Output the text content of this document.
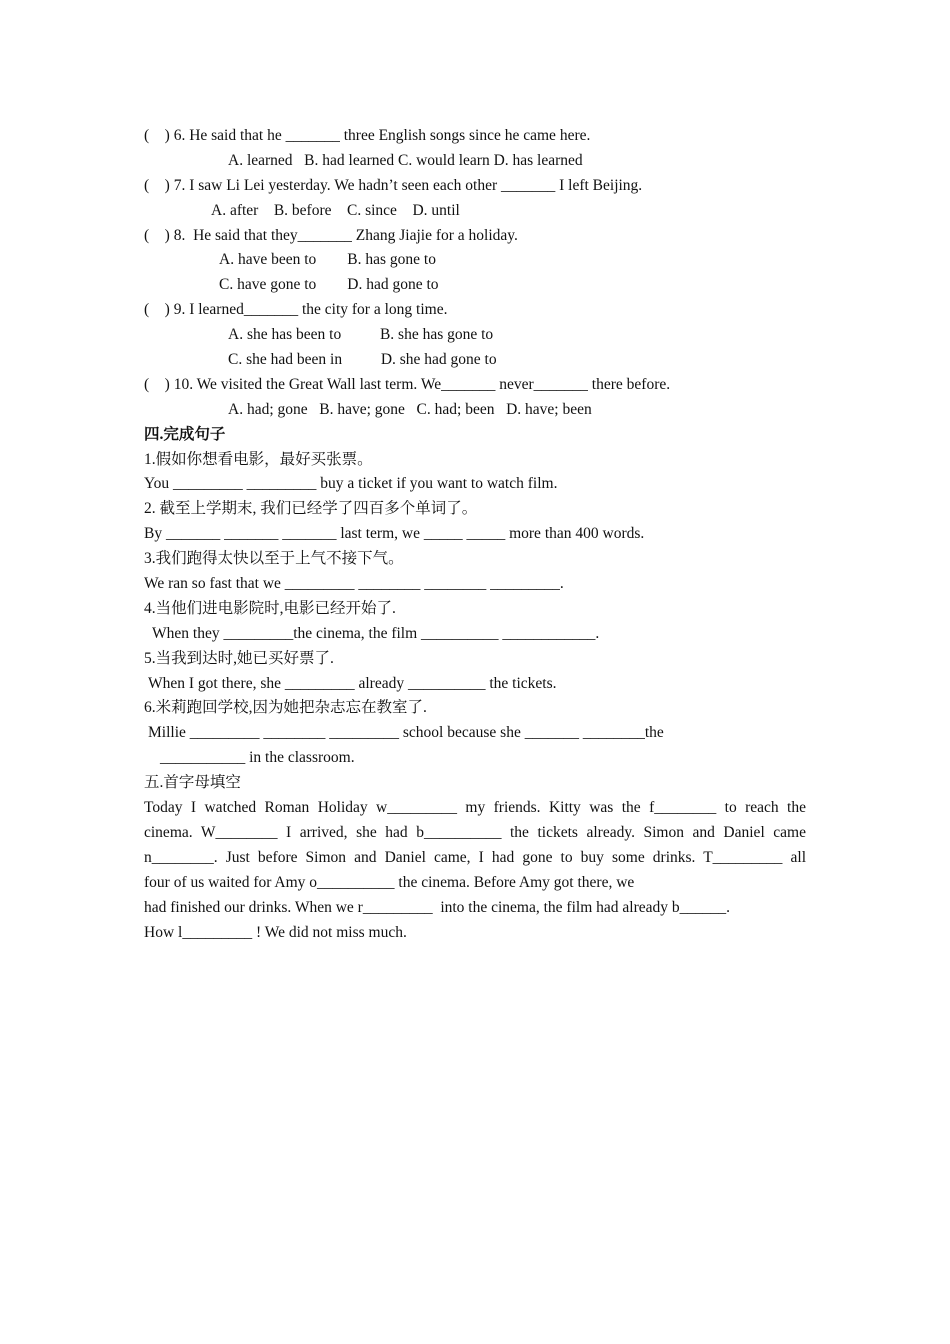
(    ) 6. He said that he _______ three English songs since he came here.
A. learned   B. had learned C. would learn D. has learned
(    ) 7. I saw Li Lei yesterday. We hadn’t seen each other _______ I left Beijing.
A. after    B. before    C. since    D. until
(    ) 8.  He said that they_______ Zhang Jiajie for a holiday.
A. have been to        B. has gone to
C. have gone to        D. had gone to
(    ) 9. I learned_______ the city for a long time.
A. she has been to          B. she has gone to
C. she had been in          D. she had gone to
(    ) 10. We visited the Great Wall last term. We_______ never_______ there before.
A. had; gone   B. have; gone   C. had; been   D. have; been
四.完成句子
1.假如你想看电影，最好买张票。
You _________ _________ buy a ticket if you want to watch film.
2. 截至上学期末, 我们已经学了四百多个单词了。
By _______ _______ _______ last term, we _____ _____ more than 400 words.
3.我们跑得太快以至于上气不接下气。
We ran so fast that we _________ ________ ________ _________.
4.当他们进电影院时,电影已经开始了.
When they _________the cinema, the film __________ ____________.
5.当我到达时,她已买好票了.
When I got there, she _________ already __________ the tickets.
6.米莉跑回学校,因为她把杂志忘在教室了.
Millie _________ ________ _________ school because she _______ ________the
___________ in the classroom.
五.首字母填空
Today I watched Roman Holiday w_________ my friends. Kitty was the f________ to reach the
cinema. W________ I arrived, she had b__________ the tickets already. Simon and Daniel came
n________. Just before Simon and Daniel came, I had gone to buy some drinks. T_________ all
four of us waited for Amy o__________ the cinema. Before Amy got there, we
had finished our drinks. When we r_________  into the cinema, the film had already b______.
How l_________ ! We did not miss much.
